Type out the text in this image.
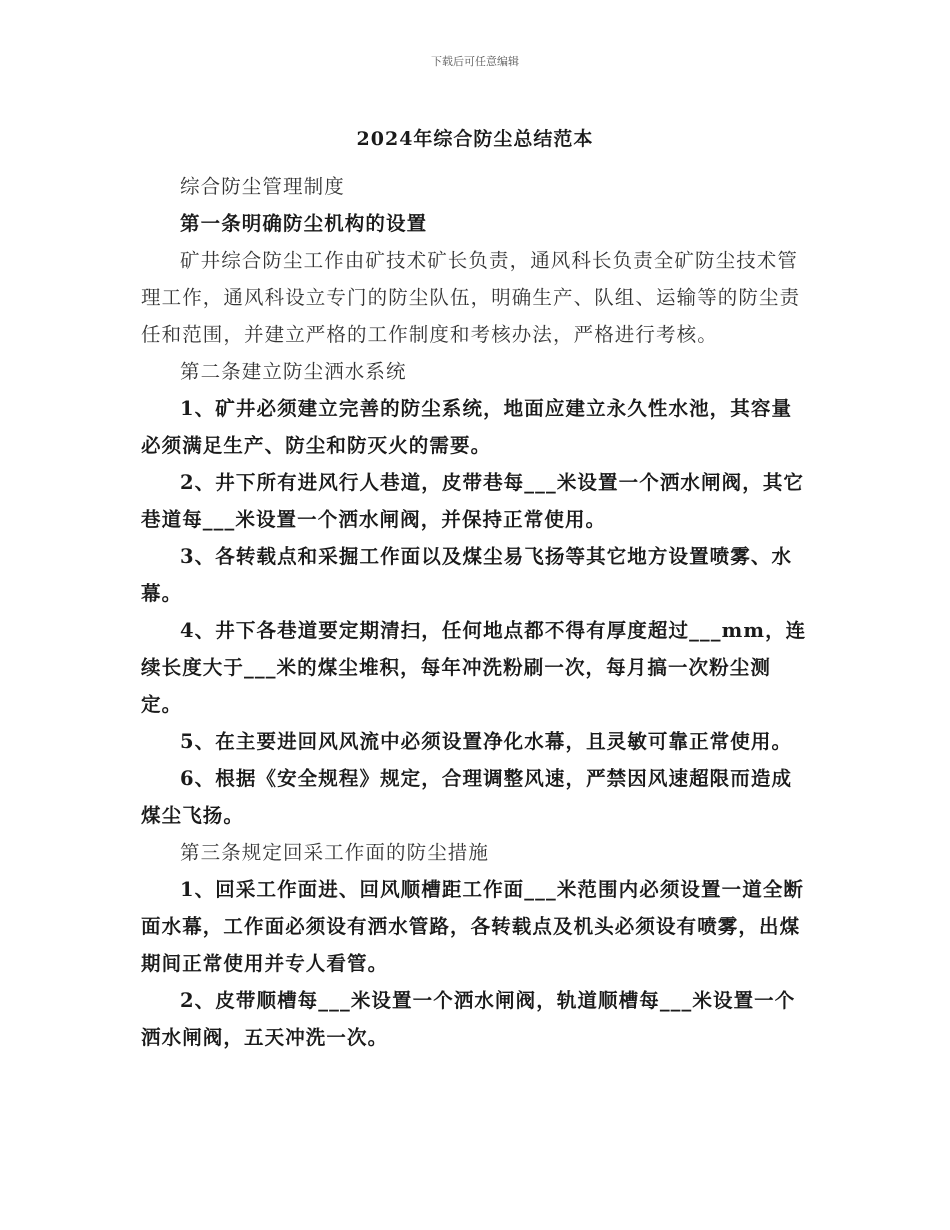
下载后可任意编辑
2024年综合防尘总结范本

综合防尘管理制度

第一条明确防尘机构的设置

矿井综合防尘工作由矿技术矿长负责，通风科长负责全矿防尘技术管理工作，通风科设立专门的防尘队伍，明确生产、队组、运输等的防尘责任和范围，并建立严格的工作制度和考核办法，严格进行考核。

第二条建立防尘洒水系统

1、矿井必须建立完善的防尘系统，地面应建立永久性水池，其容量必须满足生产、防尘和防灭火的需要。

2、井下所有进风行人巷道，皮带巷每___米设置一个洒水闸阀，其它巷道每___米设置一个洒水闸阀，并保持正常使用。

3、各转载点和采掘工作面以及煤尘易飞扬等其它地方设置喷雾、水幕。

4、井下各巷道要定期清扫，任何地点都不得有厚度超过___mm，连续长度大于___米的煤尘堆积，每年冲洗粉刷一次，每月搞一次粉尘测定。

5、在主要进回风风流中必须设置净化水幕，且灵敏可靠正常使用。

6、根据《安全规程》规定，合理调整风速，严禁因风速超限而造成煤尘飞扬。

第三条规定回采工作面的防尘措施

1、回采工作面进、回风顺槽距工作面___米范围内必须设置一道全断面水幕，工作面必须设有洒水管路，各转载点及机头必须设有喷雾，出煤期间正常使用并专人看管。

2、皮带顺槽每___米设置一个洒水闸阀，轨道顺槽每___米设置一个洒水闸阀，五天冲洗一次。
